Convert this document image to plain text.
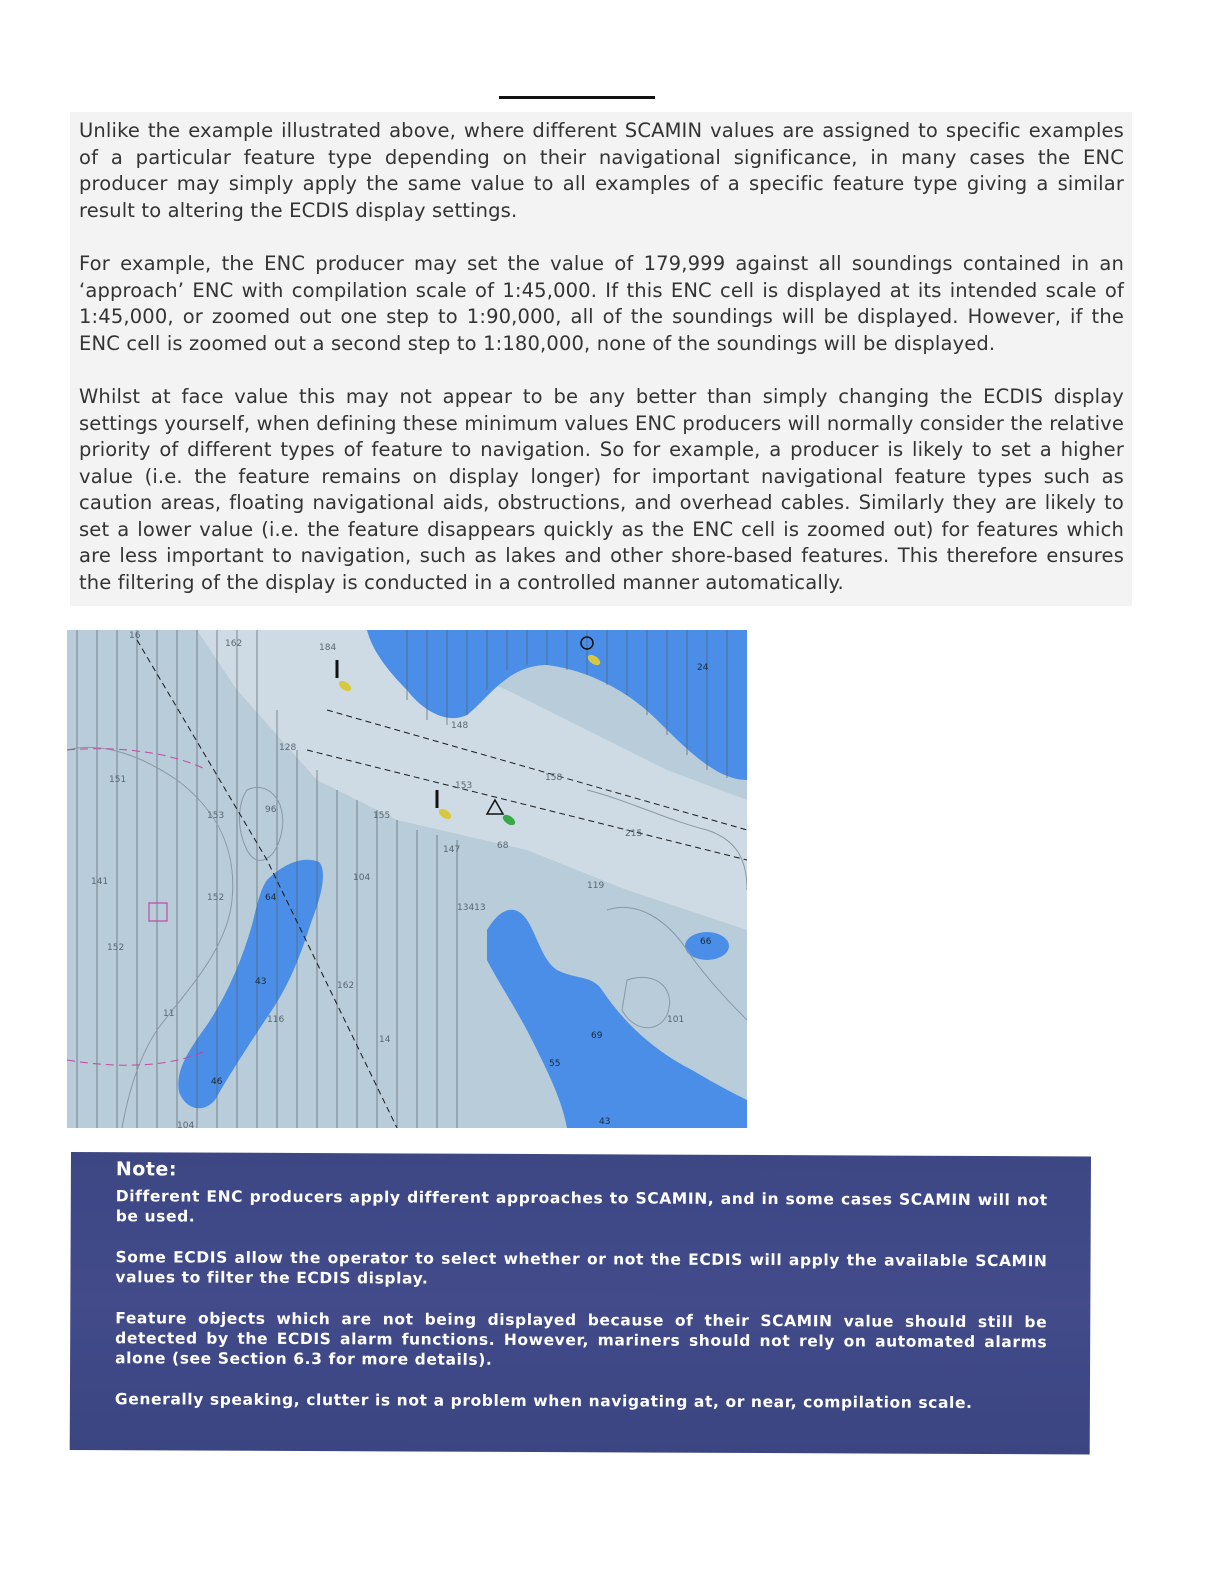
Unlike the example illustrated above, where different SCAMIN values are assigned to specific examples of a particular feature type depending on their navigational significance, in many cases the ENC producer may simply apply the same value to all examples of a specific feature type giving a similar result to altering the ECDIS display settings.

For example, the ENC producer may set the value of 179,999 against all soundings contained in an ‘approach’ ENC with compilation scale of 1:45,000. If this ENC cell is displayed at its intended scale of 1:45,000, or zoomed out one step to 1:90,000, all of the soundings will be displayed. However, if the ENC cell is zoomed out a second step to 1:180,000, none of the soundings will be displayed.

Whilst at face value this may not appear to be any better than simply changing the ECDIS display settings yourself, when defining these minimum values ENC producers will normally consider the relative priority of different types of feature to navigation. So for example, a producer is likely to set a higher value (i.e. the feature remains on display longer) for important navigational feature types such as caution areas, floating navigational aids, obstructions, and overhead cables. Similarly they are likely to set a lower value (i.e. the feature disappears quickly as the ENC cell is zoomed out) for features which are less important to navigation, such as lakes and other shore-based features. This therefore ensures the filtering of the display is conducted in a controlled manner automatically.

16
162	184
148
158
153
24
128
151
153
96
155
147	68
215
104
141
152	64
13413
119
66
152
43	162
116
11
14
101
69
55
46
43
104

Note:

Different ENC producers apply different approaches to SCAMIN, and in some cases SCAMIN will not be used.

Some ECDIS allow the operator to select whether or not the ECDIS will apply the available SCAMIN values to filter the ECDIS display.

Feature objects which are not being displayed because of their SCAMIN value should still be detected by the ECDIS alarm functions. However, mariners should not rely on automated alarms alone (see Section 6.3 for more details).

Generally speaking, clutter is not a problem when navigating at, or near, compilation scale.
